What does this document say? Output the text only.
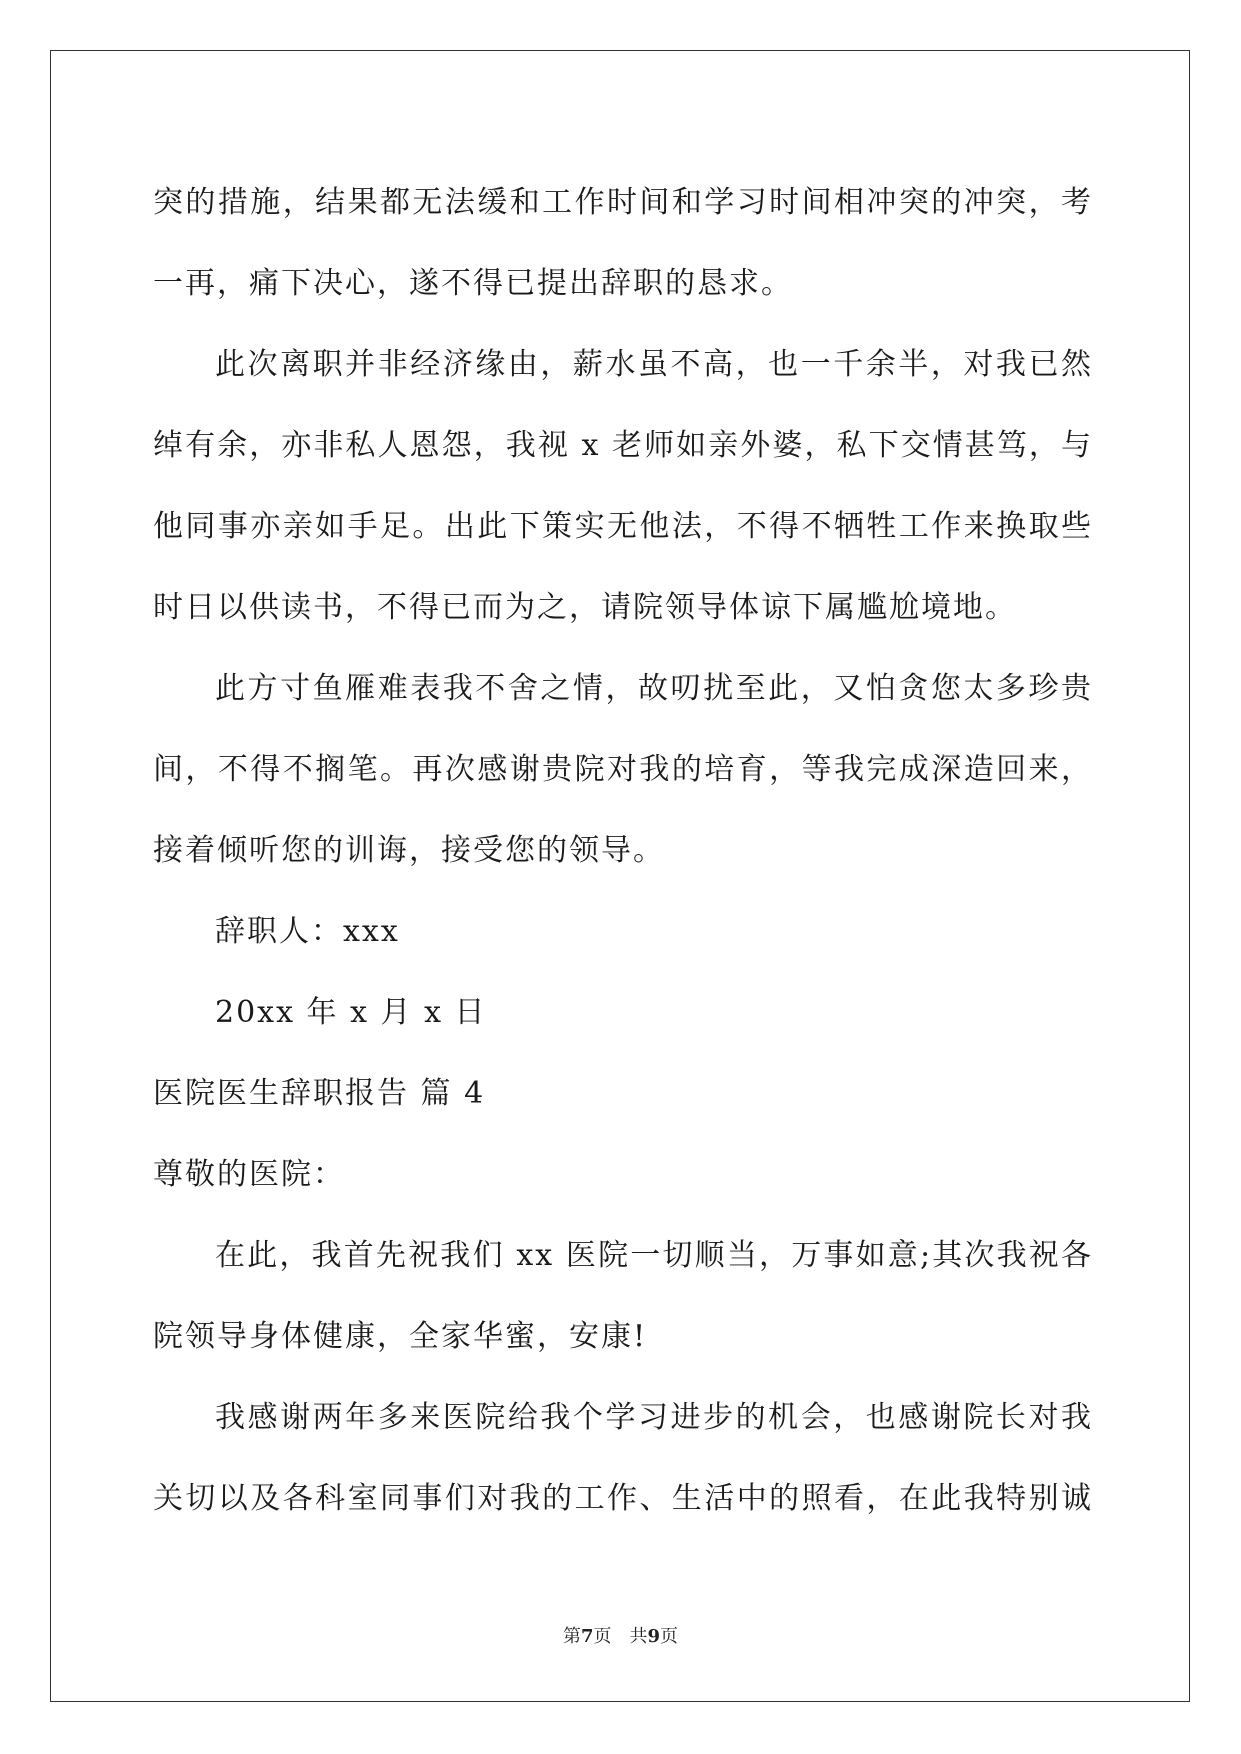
突的措施，结果都无法缓和工作时间和学习时间相冲突的冲突，考
一再，痛下决心，遂不得已提出辞职的恳求。
此次离职并非经济缘由，薪水虽不高，也一千余半，对我已然
绰有余，亦非私人恩怨，我视 x 老师如亲外婆，私下交情甚笃，与
他同事亦亲如手足。出此下策实无他法，不得不牺牲工作来换取些
时日以供读书，不得已而为之，请院领导体谅下属尴尬境地。
此方寸鱼雁难表我不舍之情，故叨扰至此，又怕贪您太多珍贵
间，不得不搁笔。再次感谢贵院对我的培育，等我完成深造回来，
接着倾听您的训诲，接受您的领导。
辞职人：xxx
20xx 年 x 月 x 日
医院医生辞职报告 篇 4
尊敬的医院：
在此，我首先祝我们 xx 医院一切顺当，万事如意;其次我祝各
院领导身体健康，全家华蜜，安康!
我感谢两年多来医院给我个学习进步的机会，也感谢院长对我
关切以及各科室同事们对我的工作、生活中的照看，在此我特别诚
第7页　共9页
